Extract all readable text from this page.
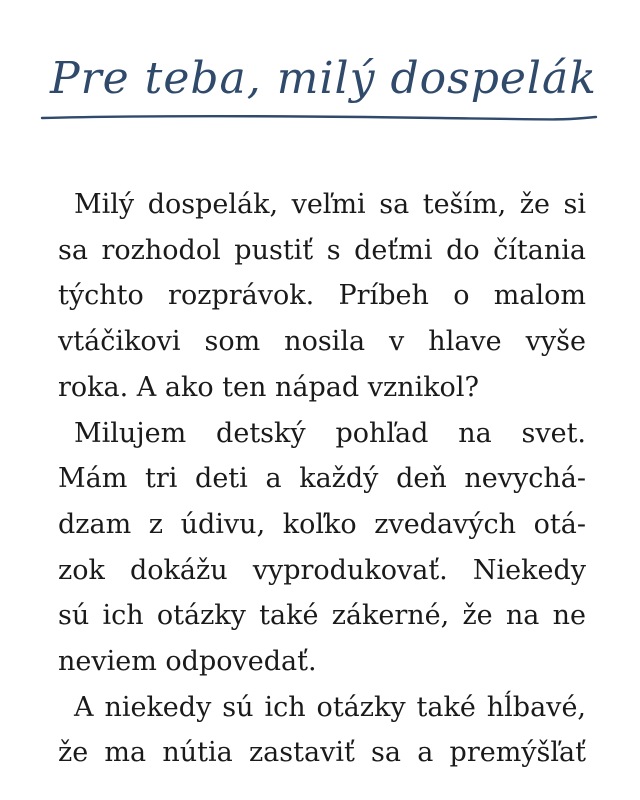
Pre teba, milý dospelák
Milý dospelák, veľmi sa teším, že si
sa rozhodol pustiť s deťmi do čítania
týchto rozprávok. Príbeh o malom
vtáčikovi som nosila v hlave vyše
roka. A ako ten nápad vznikol?
Milujem detský pohľad na svet.
Mám tri deti a každý deň nevychá-
dzam z údivu, koľko zvedavých otá-
zok dokážu vyprodukovať. Niekedy
sú ich otázky také zákerné, že na ne
neviem odpovedať.
A niekedy sú ich otázky také hĺbavé,
že ma nútia zastaviť sa a premýšľať
